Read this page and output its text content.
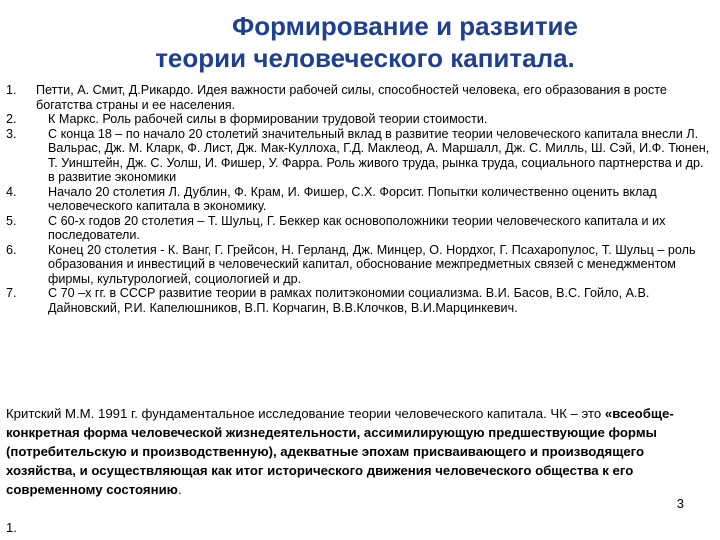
Формирование и развитие
теории человеческого капитала.
1.	Петти, А. Смит, Д.Рикардо. Идея важности рабочей силы, способностей человека, его образования в росте богатства страны и ее населения.
2.	К Маркс. Роль рабочей силы в формировании трудовой теории стоимости.
3.	С конца 18 – по начало 20 столетий значительный вклад в развитие теории человеческого капитала внесли Л. Вальрас, Дж. М. Кларк, Ф. Лист, Дж. Мак-Куллоха, Г.Д. Маклеод, А. Маршалл, Дж. С. Милль, Ш. Сэй, И.Ф. Тюнен, Т. Уинштейн, Дж. С. Уолш, И. Фишер, У. Фарра. Роль живого труда, рынка труда, социального партнерства и др. в развитие экономики
4.	Начало 20 столетия Л. Дублин, Ф. Крам, И. Фишер, С.Х. Форсит. Попытки количественно оценить вклад человеческого капитала в экономику.
5.	С 60-х годов 20 столетия – Т. Шульц, Г. Беккер как основоположники теории человеческого капитала и их последователи.
6.	Конец 20 столетия - К. Ванг, Г. Грейсон, Н. Герланд, Дж. Минцер, О. Нордхог, Г. Псахаропулос, Т. Шульц – роль образования и инвестиций в человеческий капитал, обоснование межпредметных связей с менеджментом фирмы, культурологией, социологией и др.
7.	С 70 –х гг. в СССР развитие теории в рамках политэкономии социализма. В.И. Басов, В.С. Гойло, А.В. Дайновский, Р.И. Капелюшников, В.П. Корчагин, В.В.Клочков, В.И.Марцинкевич.
Критский М.М. 1991 г. фундаментальное исследование теории человеческого капитала. ЧК – это «всеобще-конкретная форма человеческой жизнедеятельности, ассимилирующую предшествующие формы (потребительскую и производственную), адекватные эпохам присваивающего и производящего хозяйства, и осуществляющая как итог исторического движения человеческого общества к его современному состоянию.
3
1.
